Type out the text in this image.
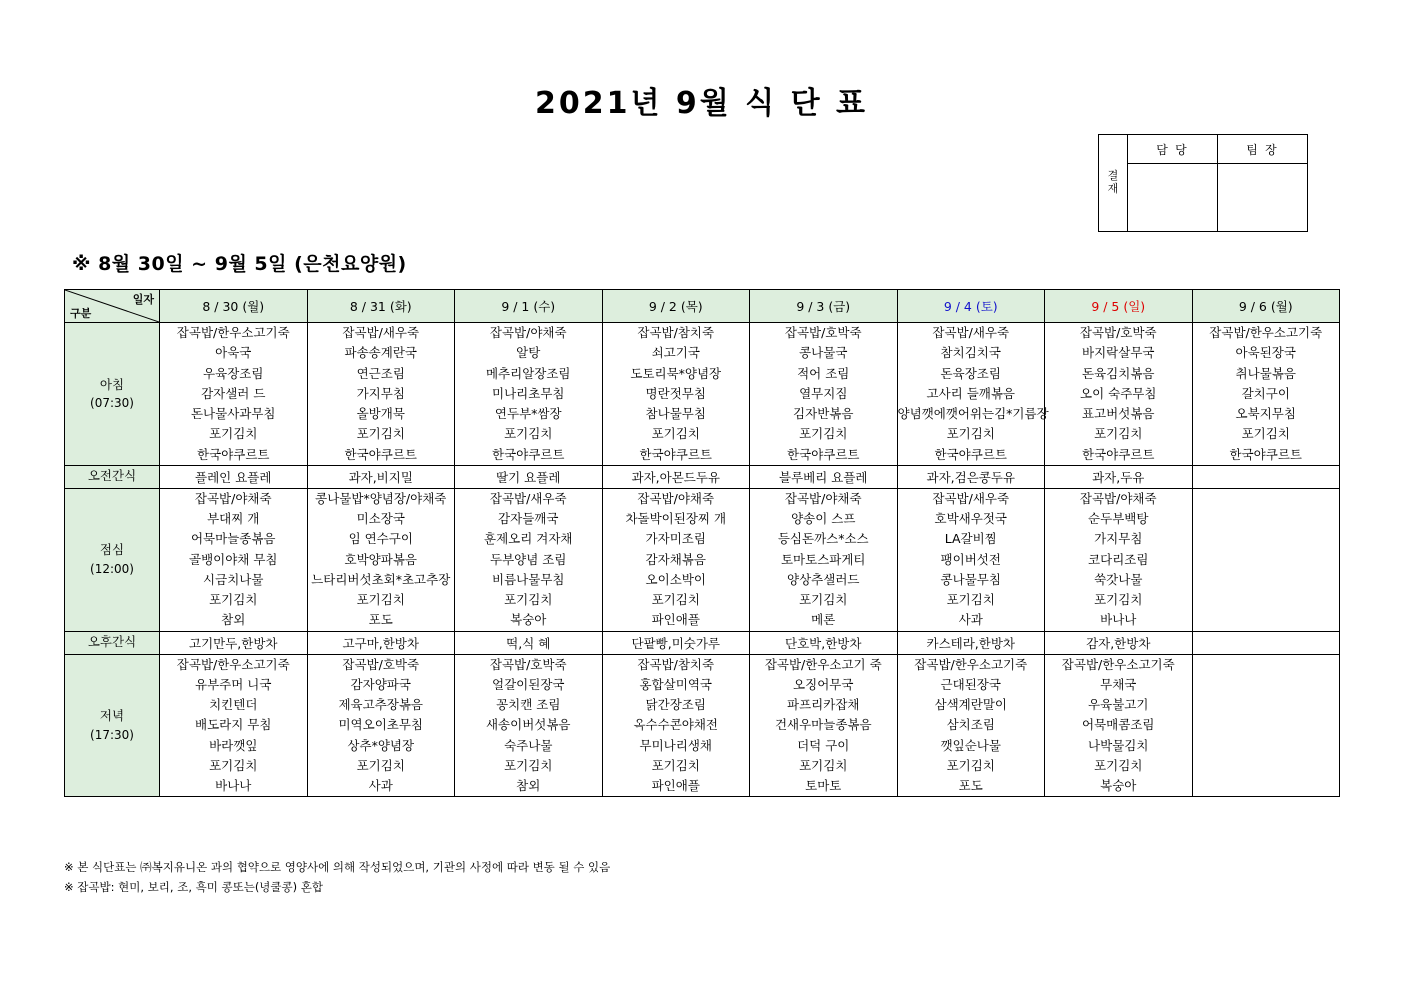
2021년 9월 식 단 표
결
재
담 당	팀 장
※ 8월 30일 ~ 9월 5일 (은천요양원)
일자
구분	8 / 30 (월)	8 / 31 (화)	9 / 1 (수)	9 / 2 (목)	9 / 3 (금)	9 / 4 (토)	9 / 5 (일)	9 / 6 (월)

아침
(07:30)

잡곡밥/한우소고기죽
아욱국
우육장조림
감자샐러 드
돈나물사과무침
포기김치
한국야쿠르트

잡곡밥/새우죽
파송송계란국
연근조림
가지무침
올방개묵
포기김치
한국야쿠르트

잡곡밥/야채죽
알탕
메추리알장조림
미나리초무침
연두부*쌈장
포기김치
한국야쿠르트

잡곡밥/참치죽
쇠고기국
도토리묵*양념장
명란젓무침
참나물무침
포기김치
한국야쿠르트

잡곡밥/호박죽
콩나물국
적어 조림
열무지짐
김자반볶음
포기김치
한국야쿠르트

잡곡밥/새우죽
참치김치국
돈육장조림
고사리 들깨볶음
양념깻에깻어위는김*기름장
포기김치
한국야쿠르트

잡곡밥/호박죽
바지락살무국
돈육김치볶음
오이 숙주무침
표고버섯볶음
포기김치
한국야쿠르트

잡곡밥/한우소고기죽
아욱된장국
취나물볶음
갈치구이
오북지무침
포기김치
한국야쿠르트

오전간식	플레인 요플레	과자,비지밀	딸기 요플레	과자,아몬드두유	블루베리 요플레	과자,검은콩두유	과자,두유	

점심
(12:00)

잡곡밥/야채죽
부대찌 개
어묵마늘종볶음
골뱅이야채 무침
시금치나물
포기김치
참외

콩나물밥*양념장/야채죽
미소장국
임 연수구이
호박양파볶음
느타리버섯초회*초고추장
포기김치
포도

잡곡밥/새우죽
감자들깨국
훈제오리 겨자채
두부양념 조림
비름나물무침
포기김치
복숭아

잡곡밥/야채죽
차돌박이된장찌 개
가자미조림
감자채볶음
오이소박이
포기김치
파인애플

잡곡밥/야채죽
양송이 스프
등심돈까스*소스
토마토스파게티
양상추샐러드
포기김치
메론

잡곡밥/새우죽
호박새우젓국
LA갈비찜
팽이버섯전
콩나물무침
포기김치
사과

잡곡밥/야채죽
순두부백탕
가지무침
코다리조림
쑥갓나물
포기김치
바나나

오후간식	고기만두,한방차	고구마,한방차	떡,식 혜	단팥빵,미숫가루	단호박,한방차	카스테라,한방차	감자,한방차	

저녁
(17:30)

잡곡밥/한우소고기죽
유부주머 니국
치킨텐더
배도라지 무침
바라깻잎
포기김치
바나나

잡곡밥/호박죽
감자양파국
제육고추장볶음
미역오이초무침
상추*양념장
포기김치
사과

잡곡밥/호박죽
얼갈이된장국
꽁치캔 조림
새송이버섯볶음
숙주나물
포기김치
참외

잡곡밥/참치죽
홍합살미역국
닭간장조림
옥수수콘야채전
무미나리생채
포기김치
파인애플

잡곡밥/한우소고기 죽
오징어무국
파프리카잡채
건새우마늘종볶음
더덕 구이
포기김치
토마토

잡곡밥/한우소고기죽
근대된장국
삼색계란말이
삼치조림
깻잎순나물
포기김치
포도

잡곡밥/한우소고기죽
무채국
우육불고기
어묵매콤조림
나박물김치
포기김치
복숭아

※ 본 식단표는 ㈜복지유니온 과의 협약으로 영양사에 의해 작성되었으며, 기관의 사정에 따라 변동 될 수 있음
※ 잡곡밥: 현미, 보리, 조, 흑미 콩또는(녕쿨콩) 혼합
